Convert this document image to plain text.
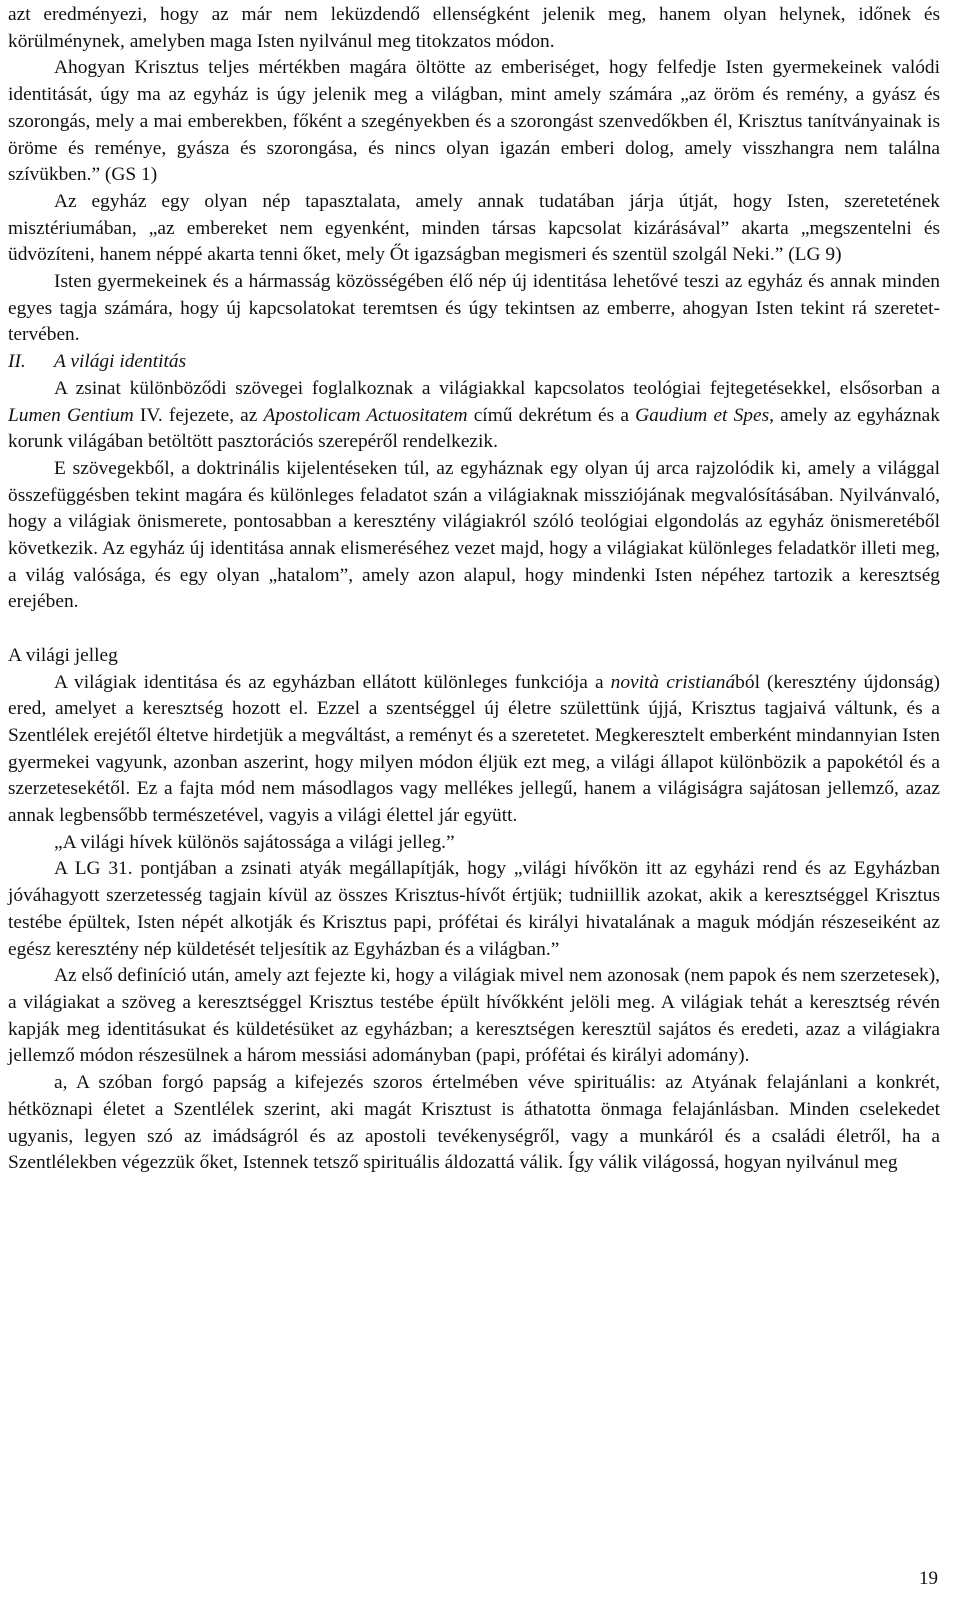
azt eredményezi, hogy az már nem leküzdendő ellenségként jelenik meg, hanem olyan helynek, időnek és körülménynek, amelyben maga Isten nyilvánul meg titokzatos módon.

Ahogyan Krisztus teljes mértékben magára öltötte az emberiséget, hogy felfedje Isten gyermekeinek valódi identitását, úgy ma az egyház is úgy jelenik meg a világban, mint amely számára „az öröm és remény, a gyász és szorongás, mely a mai emberekben, főként a szegényekben és a szorongást szenvedőkben él, Krisztus tanítványainak is öröme és reménye, gyásza és szorongása, és nincs olyan igazán emberi dolog, amely visszhangra nem találna szívükben.” (GS 1)

Az egyház egy olyan nép tapasztalata, amely annak tudatában járja útját, hogy Isten, szeretetének misztériumában, „az embereket nem egyenként, minden társas kapcsolat kizárásával” akarta „megszentelni és üdvözíteni, hanem néppé akarta tenni őket, mely Őt igazságban megismeri és szentül szolgál Neki.” (LG 9)

Isten gyermekeinek és a hármasság közösségében élő nép új identitása lehetővé teszi az egyház és annak minden egyes tagja számára, hogy új kapcsolatokat teremtsen és úgy tekintsen az emberre, ahogyan Isten tekint rá szeretet-tervében.

II. A világi identitás

A zsinat különböződi szövegei foglalkoznak a világiakkal kapcsolatos teológiai fejtegetésekkel, elsősorban a Lumen Gentium IV. fejezete, az Apostolicam Actuositatem című dekrétum és a Gaudium et Spes, amely az egyháznak korunk világában betöltött pasztorációs szerepéről rendelkezik.

E szövegekből, a doktrinális kijelentéseken túl, az egyháznak egy olyan új arca rajzolódik ki, amely a világgal összefüggésben tekint magára és különleges feladatot szán a világiaknak missziójának megvalósításában. Nyilvánvaló, hogy a világiak önismerete, pontosabban a keresztény világiakról szóló teológiai elgondolás az egyház önismeretéből következik. Az egyház új identitása annak elismeréséhez vezet majd, hogy a világiakat különleges feladatkör illeti meg, a világ valósága, és egy olyan „hatalom”, amely azon alapul, hogy mindenki Isten népéhez tartozik a keresztség erejében.

A világi jelleg

A világiak identitása és az egyházban ellátott különleges funkciója a novità cristianából (keresztény újdonság) ered, amelyet a keresztség hozott el. Ezzel a szentséggel új életre születtünk újjá, Krisztus tagjaivá váltunk, és a Szentlélek erejétől éltetve hirdetjük a megváltást, a reményt és a szeretetet. Megkeresztelt emberként mindannyian Isten gyermekei vagyunk, azonban aszerint, hogy milyen módon éljük ezt meg, a világi állapot különbözik a papokétól és a szerzetesekétől. Ez a fajta mód nem másodlagos vagy mellékes jellegű, hanem a világiságra sajátosan jellemző, azaz annak legbensőbb természetével, vagyis a világi élettel jár együtt.

„A világi hívek különös sajátossága a világi jelleg.”

A LG 31. pontjában a zsinati atyák megállapítják, hogy „világi hívőkön itt az egyházi rend és az Egyházban jóváhagyott szerzetesség tagjain kívül az összes Krisztus-hívőt értjük; tudniillik azokat, akik a keresztséggel Krisztus testébe épültek, Isten népét alkotják és Krisztus papi, prófétai és királyi hivatalának a maguk módján részeseiként az egész keresztény nép küldetését teljesítik az Egyházban és a világban.”

Az első definíció után, amely azt fejezte ki, hogy a világiak mivel nem azonosak (nem papok és nem szerzetesek), a világiakat a szöveg a keresztséggel Krisztus testébe épült hívőkként jelöli meg. A világiak tehát a keresztség révén kapják meg identitásukat és küldetésüket az egyházban; a keresztségen keresztül sajátos és eredeti, azaz a világiakra jellemző módon részesülnek a három messiási adományban (papi, prófétai és királyi adomány).

a, A szóban forgó papság a kifejezés szoros értelmében véve spirituális: az Atyának felajánlani a konkrét, hétköznapi életet a Szentlélek szerint, aki magát Krisztust is áthatotta önmaga felajánlásban. Minden cselekedet ugyanis, legyen szó az imádságról és az apostoli tevékenységről, vagy a munkáról és a családi életről, ha a Szentlélekben végezzük őket, Istennek tetsző spirituális áldozattá válik. Így válik világossá, hogyan nyilvánul meg

19
